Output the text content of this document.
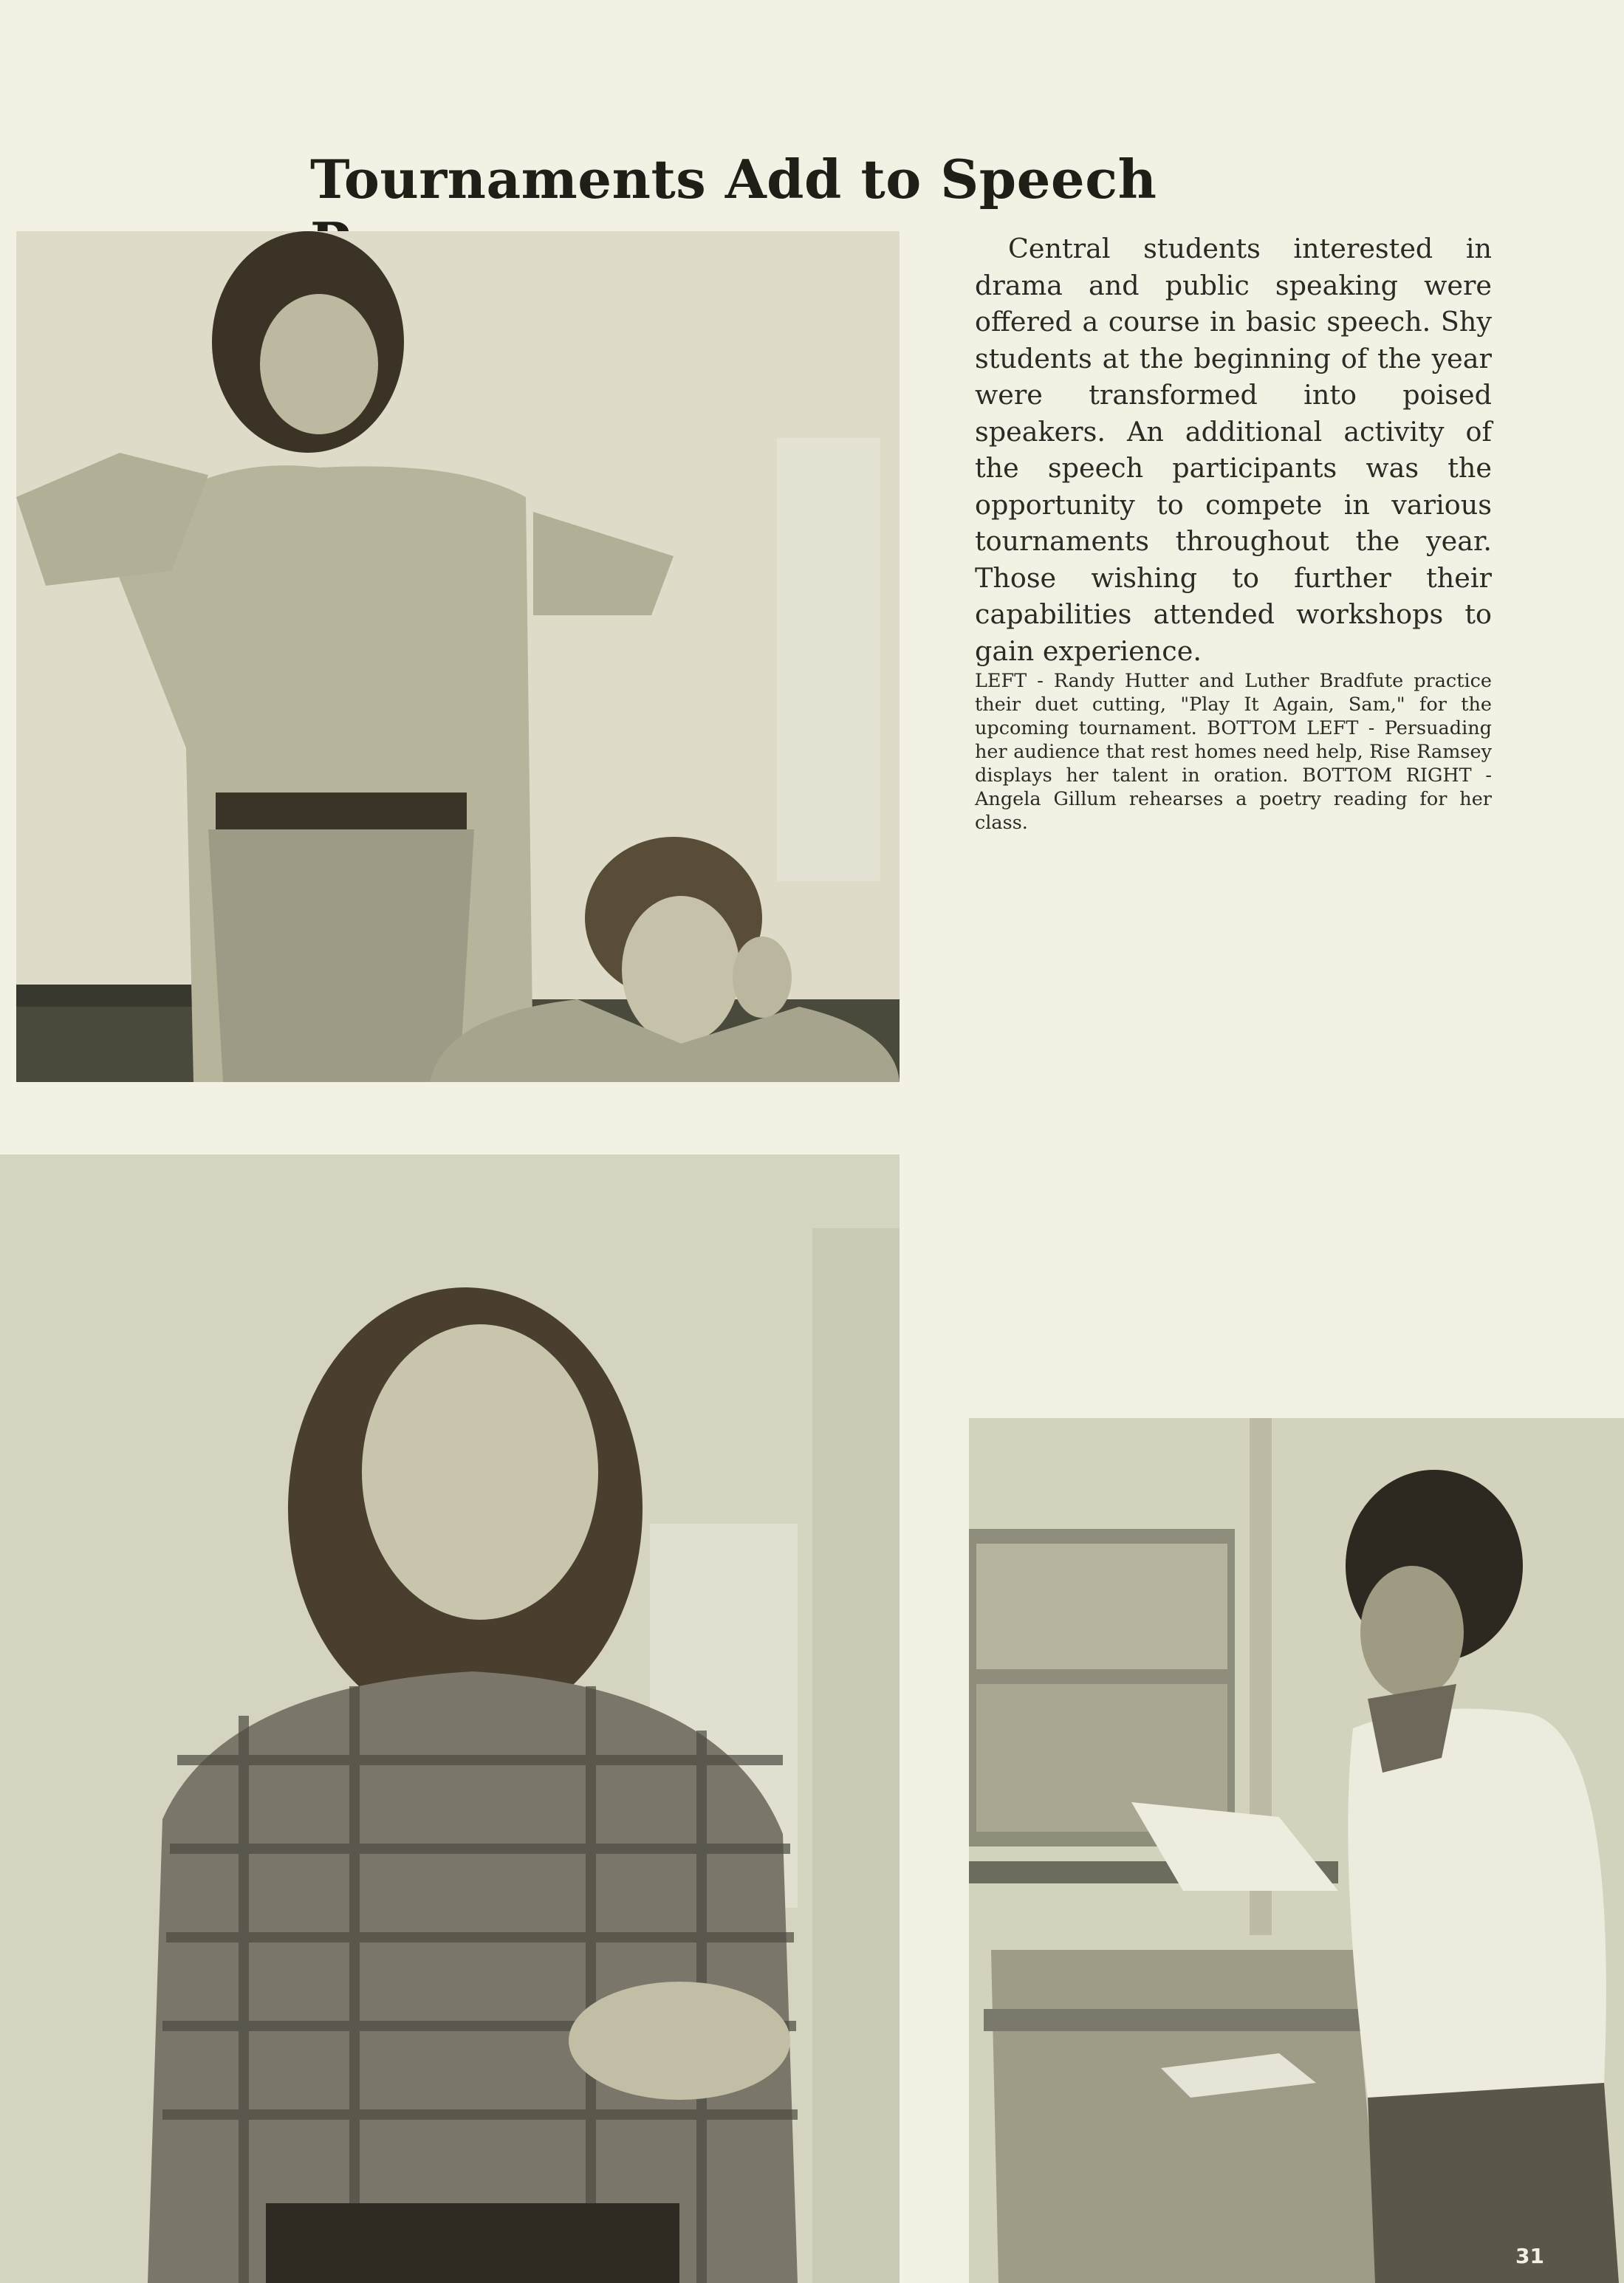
Tournaments Add to Speech

Central students interested in drama and public speaking were offered a course in basic speech. Shy students at the beginning of the year were transformed into poised speakers. An additional activity of the speech participants was the opportunity to compete in various tournaments throughout the year. Those wishing to further their capabilities attended workshops to gain experience.

LEFT - Randy Hutter and Luther Bradfute practice their duet cutting, "Play It Again, Sam," for the upcoming tournament. BOTTOM LEFT - Persuading her audience that rest homes need help, Rise Ramsey displays her talent in oration. BOTTOM RIGHT - Angela Gillum rehearses a poetry reading for her class.

31
